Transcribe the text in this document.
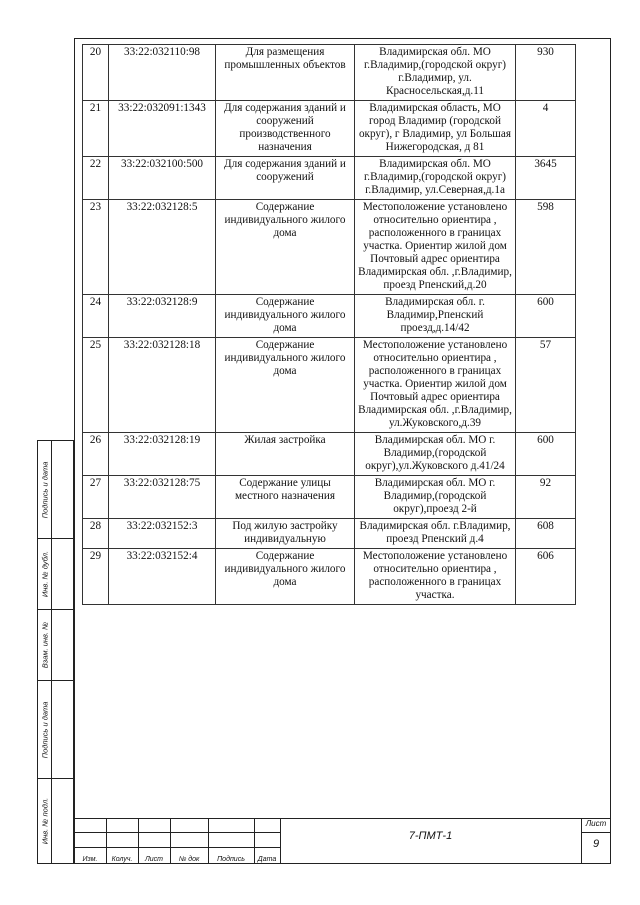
20	33:22:032110:98	Для размещения промышленных объектов	Владимирская обл. МО г.Владимир,(городской округ) г.Владимир, ул. Красносельская,д.11	930
21	33:22:032091:1343	Для содержания зданий и сооружений производственного назначения	Владимирская область, МО город Владимир (городской округ), г Владимир, ул Большая Нижегородская, д 81	4
22	33:22:032100:500	Для содержания зданий и сооружений	Владимирская обл. МО г.Владимир,(городской округ) г.Владимир, ул.Северная,д.1а	3645
23	33:22:032128:5	Содержание индивидуального жилого дома	Местоположение установлено относительно ориентира , расположенного в границах участка. Ориентир жилой дом Почтовый адрес ориентира Владимирская обл. ,г.Владимир, проезд Рпенский,д.20	598
24	33:22:032128:9	Содержание индивидуального жилого дома	Владимирская обл. г. Владимир,Рпенский проезд,д.14/42	600
25	33:22:032128:18	Содержание индивидуального жилого дома	Местоположение установлено относительно ориентира , расположенного в границах участка. Ориентир жилой дом Почтовый адрес ориентира Владимирская обл. ,г.Владимир, ул.Жуковского,д.39	57
26	33:22:032128:19	Жилая застройка	Владимирская обл. МО г. Владимир,(городской округ),ул.Жуковского д.41/24	600
27	33:22:032128:75	Содержание улицы местного назначения	Владимирская обл. МО г. Владимир,(городской округ),проезд 2-й	92
28	33:22:032152:3	Под жилую застройку индивидуальную	Владимирская обл. г.Владимир, проезд Рпенский д.4	608
29	33:22:032152:4	Содержание индивидуального жилого дома	Местоположение установлено относительно ориентира , расположенного в границах участка.	606
Подпись и дата
Инв. № дубл.
Взам. инв. №
Подпись и дата
Инв. № подл.
Изм.	Колуч.	Лист	№ док	Подпись	Дата
7-ПМТ-1
Лист
9
